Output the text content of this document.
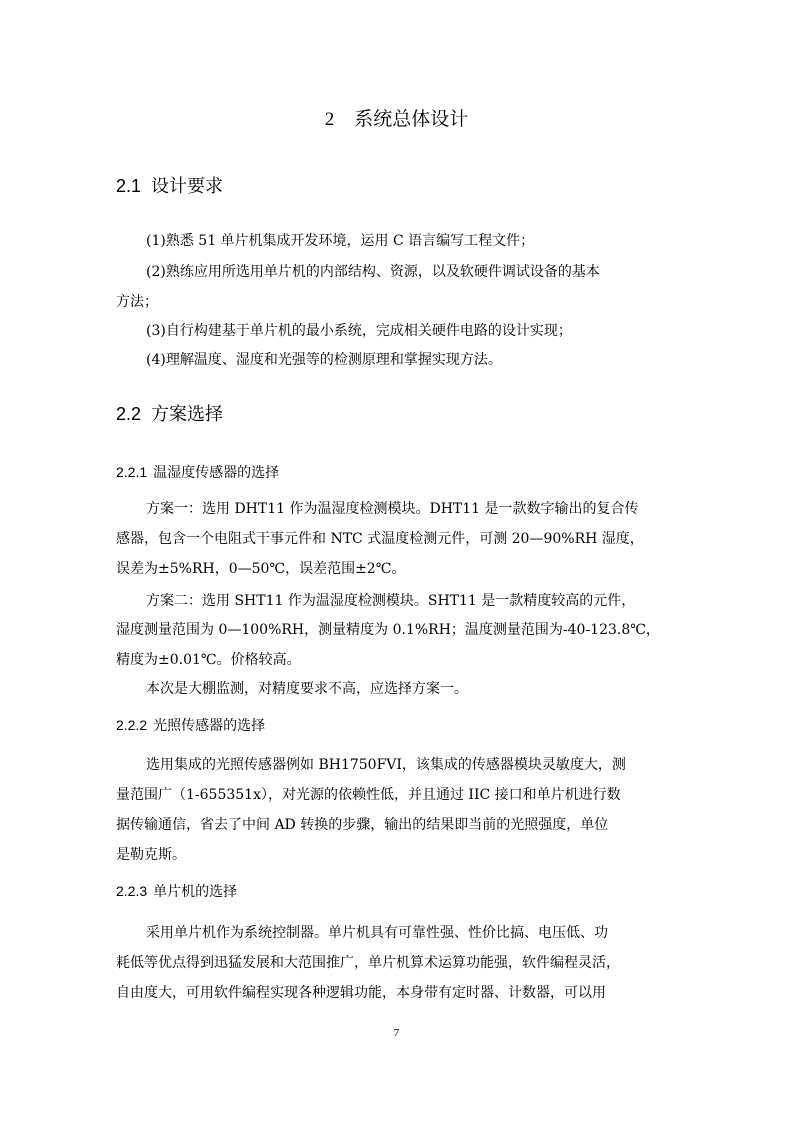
2 系统总体设计
2.1 设计要求
(1)熟悉 51 单片机集成开发环境，运用 C 语言编写工程文件；
(2)熟练应用所选用单片机的内部结构、资源，以及软硬件调试设备的基本
方法；
(3)自行构建基于单片机的最小系统，完成相关硬件电路的设计实现；
(4)理解温度、湿度和光强等的检测原理和掌握实现方法。
2.2 方案选择
2.2.1 温湿度传感器的选择
方案一：选用 DHT11 作为温湿度检测模块。DHT11 是一款数字输出的复合传
感器，包含一个电阻式干事元件和 NTC 式温度检测元件，可测 20—90%RH 湿度，
误差为±5%RH，0—50℃，误差范围±2℃。
方案二：选用 SHT11 作为温湿度检测模块。SHT11 是一款精度较高的元件，
湿度测量范围为 0—100%RH，测量精度为 0.1%RH；温度测量范围为-40-123.8℃，
精度为±0.01℃。价格较高。
本次是大棚监测，对精度要求不高，应选择方案一。
2.2.2 光照传感器的选择
选用集成的光照传感器例如 BH1750FVI，该集成的传感器模块灵敏度大，测
量范围广（1-655351x），对光源的依赖性低，并且通过 IIC 接口和单片机进行数
据传输通信，省去了中间 AD 转换的步骤，输出的结果即当前的光照强度，单位
是勒克斯。
2.2.3 单片机的选择
采用单片机作为系统控制器。单片机具有可靠性强、性价比搞、电压低、功
耗低等优点得到迅猛发展和大范围推广，单片机算术运算功能强，软件编程灵活，
自由度大，可用软件编程实现各种逻辑功能，本身带有定时器、计数器，可以用
7
